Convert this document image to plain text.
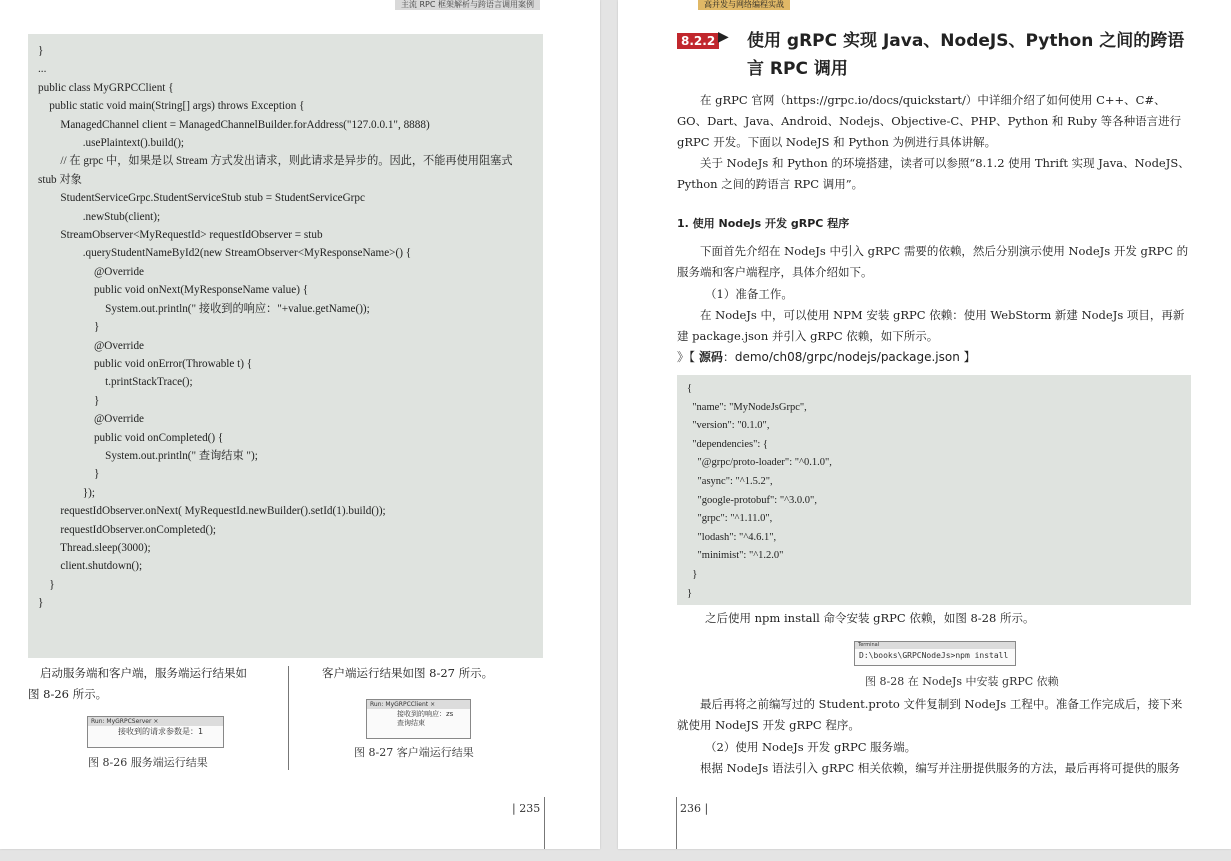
主流 RPC 框架解析与跨语言调用案例
}
...
public class MyGRPCClient {
public static void main(String[] args) throws Exception {
ManagedChannel client = ManagedChannelBuilder.forAddress("127.0.0.1", 8888)
.usePlaintext().build();
// 在 grpc 中，如果是以 Stream 方式发出请求，则此请求是异步的。因此，不能再使用阻塞式
stub 对象
StudentServiceGrpc.StudentServiceStub stub = StudentServiceGrpc
.newStub(client);
StreamObserver<MyRequestId> requestIdObserver = stub
.queryStudentNameById2(new StreamObserver<MyResponseName>() {
@Override
public void onNext(MyResponseName value) {
System.out.println(" 接收到的响应："+value.getName());
}
@Override
public void onError(Throwable t) {
t.printStackTrace();
}
@Override
public void onCompleted() {
System.out.println(" 查询结束 ");
}
});
requestIdObserver.onNext( MyRequestId.newBuilder().setId(1).build());
requestIdObserver.onCompleted();
Thread.sleep(3000);
client.shutdown();
}
}
启动服务端和客户端，服务端运行结果如
图 8-26 所示。
客户端运行结果如图 8-27 所示。
Run: MyGRPCServer ×
接收到的请求参数是：1
图 8-26 服务端运行结果
Run: MyGRPCClient ×
接收到的响应：zs
查询结束
图 8-27 客户端运行结果
| 235
高并发与网络编程实战
8.2.2 ▶ 使用 gRPC 实现 Java、NodeJS、Python 之间的跨语言 RPC 调用
在 gRPC 官网（https://grpc.io/docs/quickstart/）中详细介绍了如何使用 C++、C#、GO、Dart、Java、Android、Nodejs、Objective-C、PHP、Python 和 Ruby 等各种语言进行 gRPC 开发。下面以 NodeJS 和 Python 为例进行具体讲解。
关于 NodeJs 和 Python 的环境搭建，读者可以参照“8.1.2 使用 Thrift 实现 Java、NodeJS、Python 之间的跨语言 RPC 调用”。
1. 使用 NodeJs 开发 gRPC 程序
下面首先介绍在 NodeJs 中引入 gRPC 需要的依赖，然后分别演示使用 NodeJs 开发 gRPC 的服务端和客户端程序，具体介绍如下。
（1）准备工作。
在 NodeJs 中，可以使用 NPM 安装 gRPC 依赖：使用 WebStorm 新建 NodeJs 项目，再新建 package.json 并引入 gRPC 依赖，如下所示。
》【 源码：demo/ch08/grpc/nodejs/package.json 】
{
"name": "MyNodeJsGrpc",
"version": "0.1.0",
"dependencies": {
"@grpc/proto-loader": "^0.1.0",
"async": "^1.5.2",
"google-protobuf": "^3.0.0",
"grpc": "^1.11.0",
"lodash": "^4.6.1",
"minimist": "^1.2.0"
}
}
之后使用 npm install 命令安装 gRPC 依赖，如图 8-28 所示。
Terminal
D:\books\GRPCNodeJs>npm install
图 8-28 在 NodeJs 中安装 gRPC 依赖
最后再将之前编写过的 Student.proto 文件复制到 NodeJs 工程中。准备工作完成后，接下来就使用 NodeJS 开发 gRPC 程序。
（2）使用 NodeJs 开发 gRPC 服务端。
根据 NodeJs 语法引入 gRPC 相关依赖，编写并注册提供服务的方法，最后再将可提供的服务
236 |
